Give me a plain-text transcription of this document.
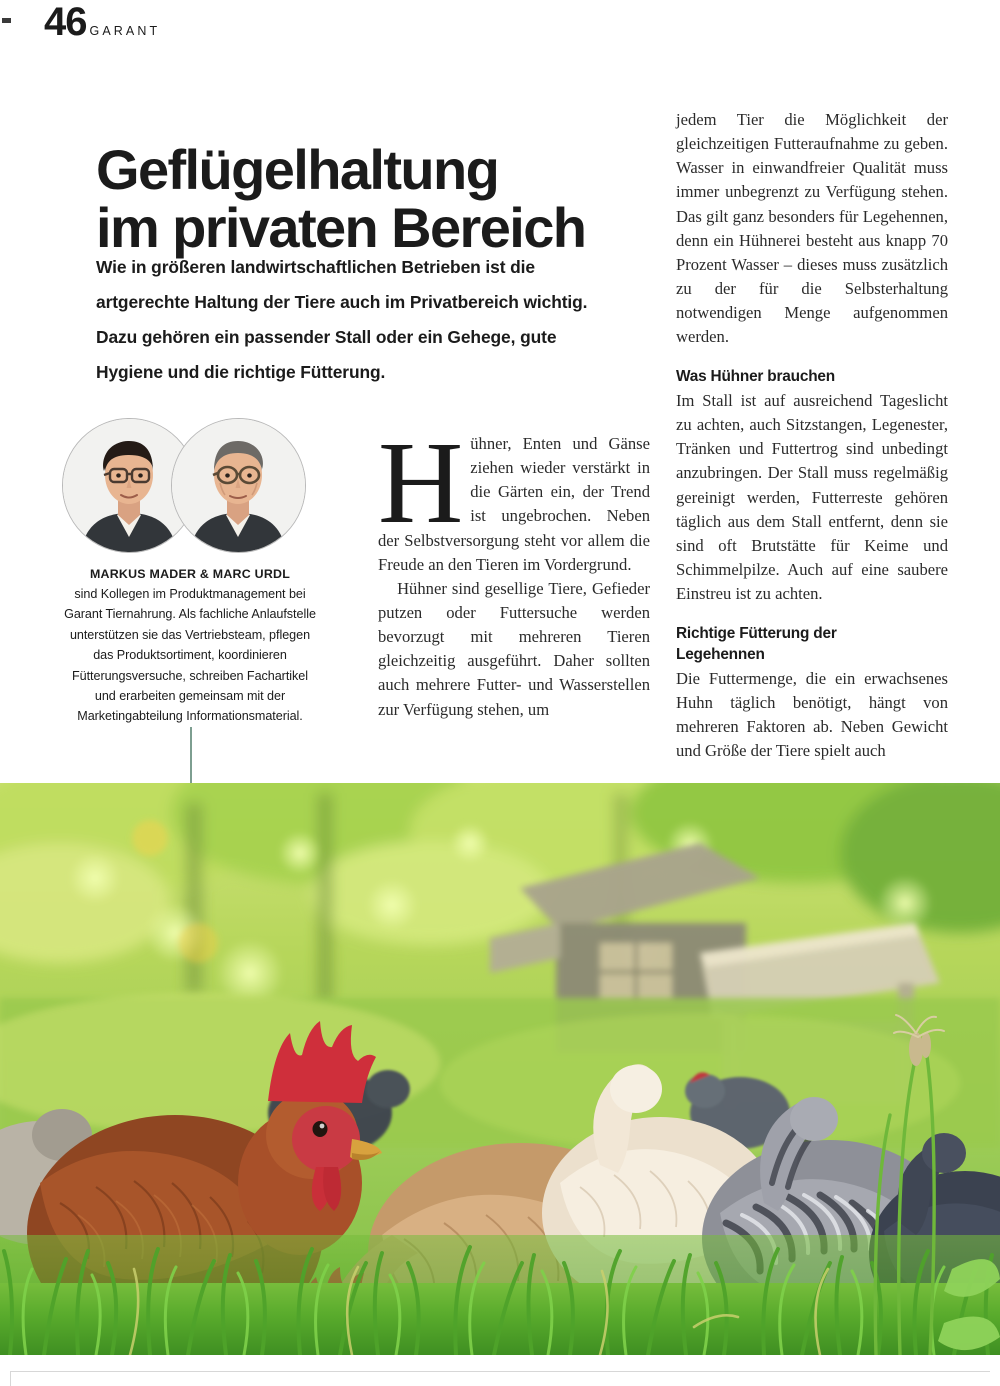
46 GARANT
Geflügelhaltung
im privaten Bereich
Wie in größeren landwirtschaftlichen Betrieben ist die
artgerechte Haltung der Tiere auch im Privatbereich wichtig.
Dazu gehören ein passender Stall oder ein Gehege, gute
Hygiene und die richtige Fütterung.
MARKUS MADER & MARC URDL
sind Kollegen im Produktmanagement bei Garant Tiernahrung. Als fachliche Anlaufstelle unterstützen sie das Vertriebsteam, pflegen das Produktsortiment, koordinieren Fütterungsversuche, schreiben Fachartikel und erarbeiten gemeinsam mit der Marketingabteilung Informationsmaterial.

Hühner, Enten und Gänse ziehen wieder verstärkt in die Gärten ein, der Trend ist ungebrochen. Neben der Selbstversorgung steht vor allem die Freude an den Tieren im Vordergrund.

Hühner sind gesellige Tiere, Gefieder putzen oder Futtersuche werden bevorzugt mit mehreren Tieren gleichzeitig ausgeführt. Daher sollten auch mehrere Futter- und Wasserstellen zur Verfügung stehen, um

jedem Tier die Möglichkeit der gleichzeitigen Futteraufnahme zu geben. Wasser in einwandfreier Qualität muss immer unbegrenzt zu Verfügung stehen. Das gilt ganz besonders für Legehennen, denn ein Hühnerei besteht aus knapp 70 Prozent Wasser – dieses muss zusätzlich zu der für die Selbsterhaltung notwendigen Menge aufgenommen werden.

Was Hühner brauchen

Im Stall ist auf ausreichend Tageslicht zu achten, auch Sitzstangen, Legenester, Tränken und Futtertrog sind unbedingt anzubringen. Der Stall muss regelmäßig gereinigt werden, Futterreste gehören täglich aus dem Stall entfernt, denn sie sind oft Brutstätte für Keime und Schimmelpilze. Auch auf eine saubere Einstreu ist zu achten.

Richtige Fütterung der
Legehennen

Die Futtermenge, die ein erwachsenes Huhn täglich benötigt, hängt von mehreren Faktoren ab. Neben Gewicht und Größe der Tiere spielt auch
